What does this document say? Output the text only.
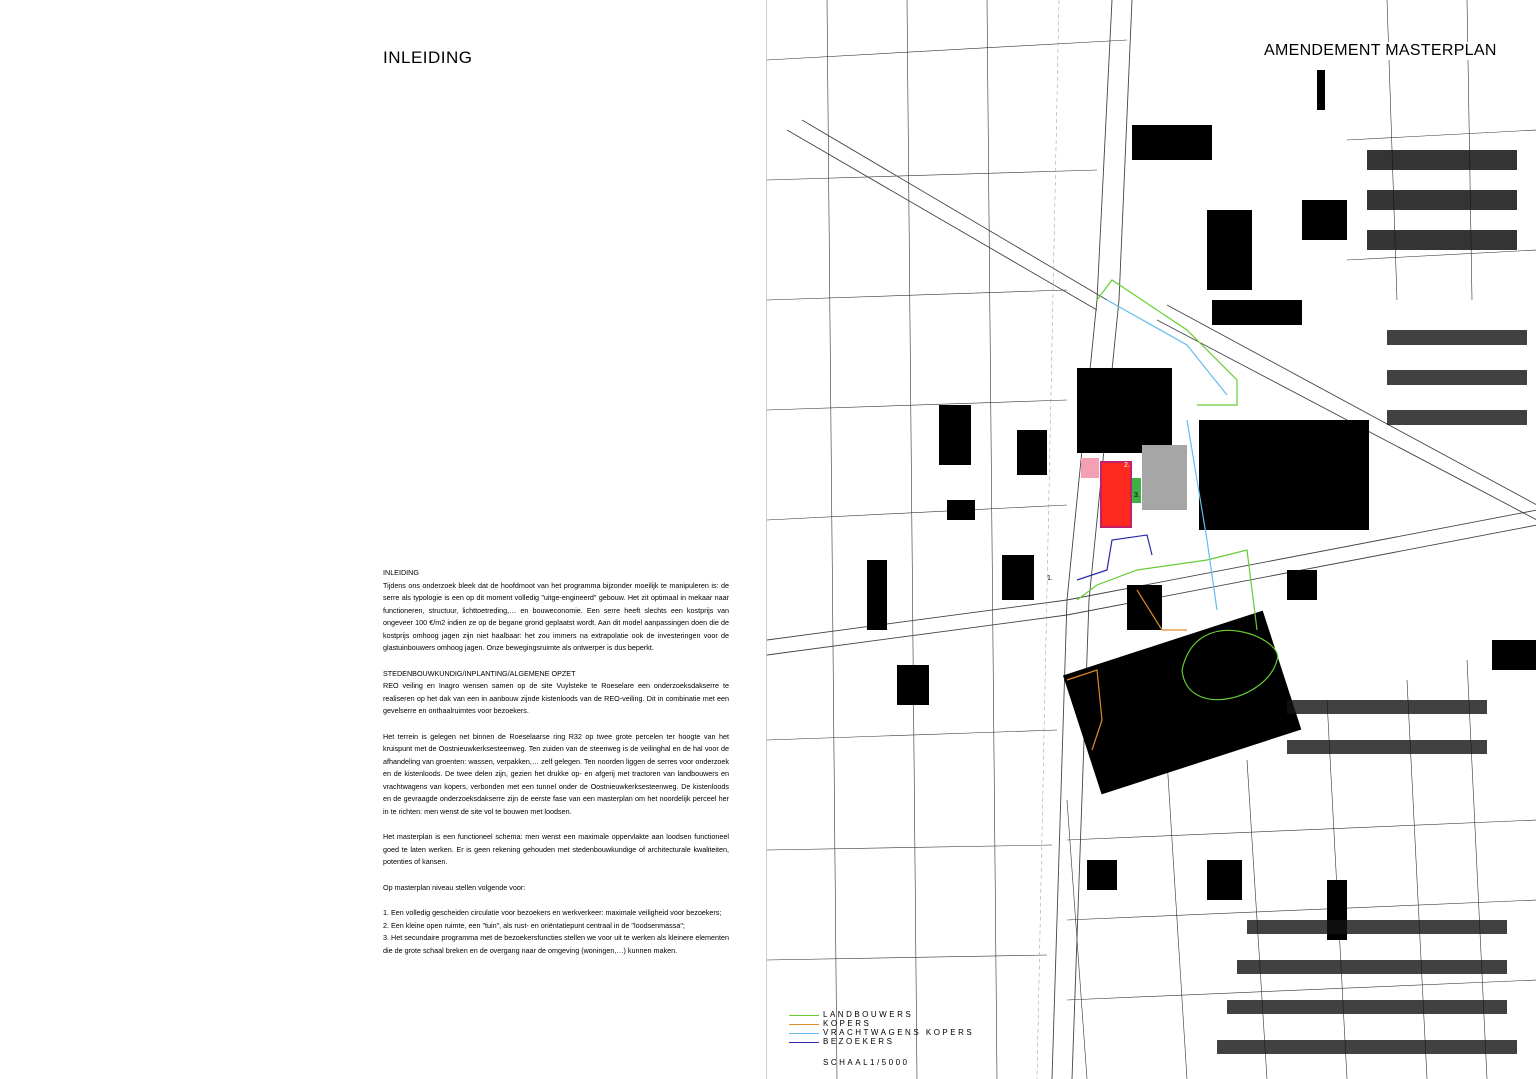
INLEIDING

INLEIDING

Tijdens ons onderzoek bleek dat de hoofdmoot van het programma bijzonder moeilijk te manipuleren is: de serre als typologie is een op dit moment volledig "uitge-engineerd" gebouw. Het zit optimaal in mekaar naar functioneren, structuur, lichttoetreding,… en bouweconomie. Een serre heeft slechts een kostprijs van ongeveer 100 €/m2 indien ze op de begane grond geplaatst wordt. Aan dit model aanpassingen doen die de kostprijs omhoog jagen zijn niet haalbaar: het zou immers na extrapolatie ook de investeringen voor de glastuinbouwers omhoog jagen. Onze bewegingsruimte als ontwerper is dus beperkt.

STEDENBOUWKUNDIG/INPLANTING/ALGEMENE OPZET

REO veiling en Inagro wensen samen op de site Vuylsteke te Roeselare een onderzoeksdakserre te realiseren op het dak van een in aanbouw zijnde kistenloods van de REO-veiling. Dit in combinatie met een gevelserre en onthaalruimtes voor bezoekers.

Het terrein is gelegen net binnen de Roeselaarse ring R32 op twee grote percelen ter hoogte van het kruispunt met de Oostnieuwkerksesteenweg. Ten zuiden van de steenweg is de veilinghal en de hal voor de afhandeling van groenten: wassen, verpakken,… zelf gelegen. Ten noorden liggen de serres voor onderzoek en de kistenloods. De twee delen zijn, gezien het drukke op- en afgerij met tractoren van landbouwers en vrachtwagens van kopers, verbonden met een tunnel onder de Oostnieuwkerksesteenweg. De kistenloods en de gevraagde onderzoeksdakserre zijn de eerste fase van een masterplan om het noordelijk perceel her in te richten: men wenst de site vol te bouwen met loodsen.

Het masterplan is een functioneel schema: men wenst een maximale oppervlakte aan loodsen functioneel goed te laten werken. Er is geen rekening gehouden met stedenbouwkundige of architecturale kwaliteiten, potenties of kansen.

Op masterplan niveau stellen volgende voor:

1. Een volledig gescheiden circulatie voor bezoekers en werkverkeer: maximale veiligheid voor bezoekers;

2. Een kleine open ruimte, een "tuin", als rust- en oriëntatiepunt centraal in de "loodsenmassa";

3. Het secundaire programma met de bezoekersfuncties stellen we voor uit te werken als kleinere elementen die de grote schaal breken en de overgang naar de omgeving (woningen,…) kunnen maken.

AMENDEMENT MASTERPLAN
1.
2.
3.
LANDBOUWERS
KOPERS
VRACHTWAGENS KOPERS
BEZOEKERS
SCHAAL1/5000
